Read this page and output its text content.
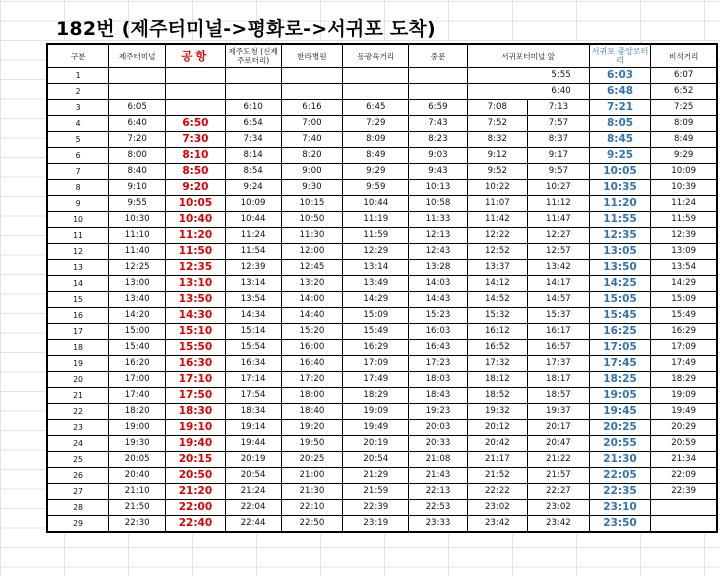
182번 (제주터미널->평화로->서귀포 도착)
구분	제주터미널	공항	제주도청 (신제주로터리)	한라병원	동광육거리	중문	서귀포터미널 앞		서귀포 중앙로터리	비석거리
1							5:55		6:03	6:07
2							6:40		6:48	6:52
3	6:05		6:10	6:16	6:45	6:59	7:08	7:13	7:21	7:25
4	6:40	6:50	6:54	7:00	7:29	7:43	7:52	7:57	8:05	8:09
5	7:20	7:30	7:34	7:40	8:09	8:23	8:32	8:37	8:45	8:49
6	8:00	8:10	8:14	8:20	8:49	9:03	9:12	9:17	9:25	9:29
7	8:40	8:50	8:54	9:00	9:29	9:43	9:52	9:57	10:05	10:09
8	9:10	9:20	9:24	9:30	9:59	10:13	10:22	10:27	10:35	10:39
9	9:55	10:05	10:09	10:15	10:44	10:58	11:07	11:12	11:20	11:24
10	10:30	10:40	10:44	10:50	11:19	11:33	11:42	11:47	11:55	11:59
11	11:10	11:20	11:24	11:30	11:59	12:13	12:22	12:27	12:35	12:39
12	11:40	11:50	11:54	12:00	12:29	12:43	12:52	12:57	13:05	13:09
13	12:25	12:35	12:39	12:45	13:14	13:28	13:37	13:42	13:50	13:54
14	13:00	13:10	13:14	13:20	13:49	14:03	14:12	14:17	14:25	14:29
15	13:40	13:50	13:54	14:00	14:29	14:43	14:52	14:57	15:05	15:09
16	14:20	14:30	14:34	14:40	15:09	15:23	15:32	15:37	15:45	15:49
17	15:00	15:10	15:14	15:20	15:49	16:03	16:12	16:17	16:25	16:29
18	15:40	15:50	15:54	16:00	16:29	16:43	16:52	16:57	17:05	17:09
19	16:20	16:30	16:34	16:40	17:09	17:23	17:32	17:37	17:45	17:49
20	17:00	17:10	17:14	17:20	17:49	18:03	18:12	18:17	18:25	18:29
21	17:40	17:50	17:54	18:00	18:29	18:43	18:52	18:57	19:05	19:09
22	18:20	18:30	18:34	18:40	19:09	19:23	19:32	19:37	19:45	19:49
23	19:00	19:10	19:14	19:20	19:49	20:03	20:12	20:17	20:25	20:29
24	19:30	19:40	19:44	19:50	20:19	20:33	20:42	20:47	20:55	20:59
25	20:05	20:15	20:19	20:25	20:54	21:08	21:17	21:22	21:30	21:34
26	20:40	20:50	20:54	21:00	21:29	21:43	21:52	21:57	22:05	22:09
27	21:10	21:20	21:24	21:30	21:59	22:13	22:22	22:27	22:35	22:39
28	21:50	22:00	22:04	22:10	22:39	22:53	23:02	23:02	23:10	
29	22:30	22:40	22:44	22:50	23:19	23:33	23:42	23:42	23:50	
